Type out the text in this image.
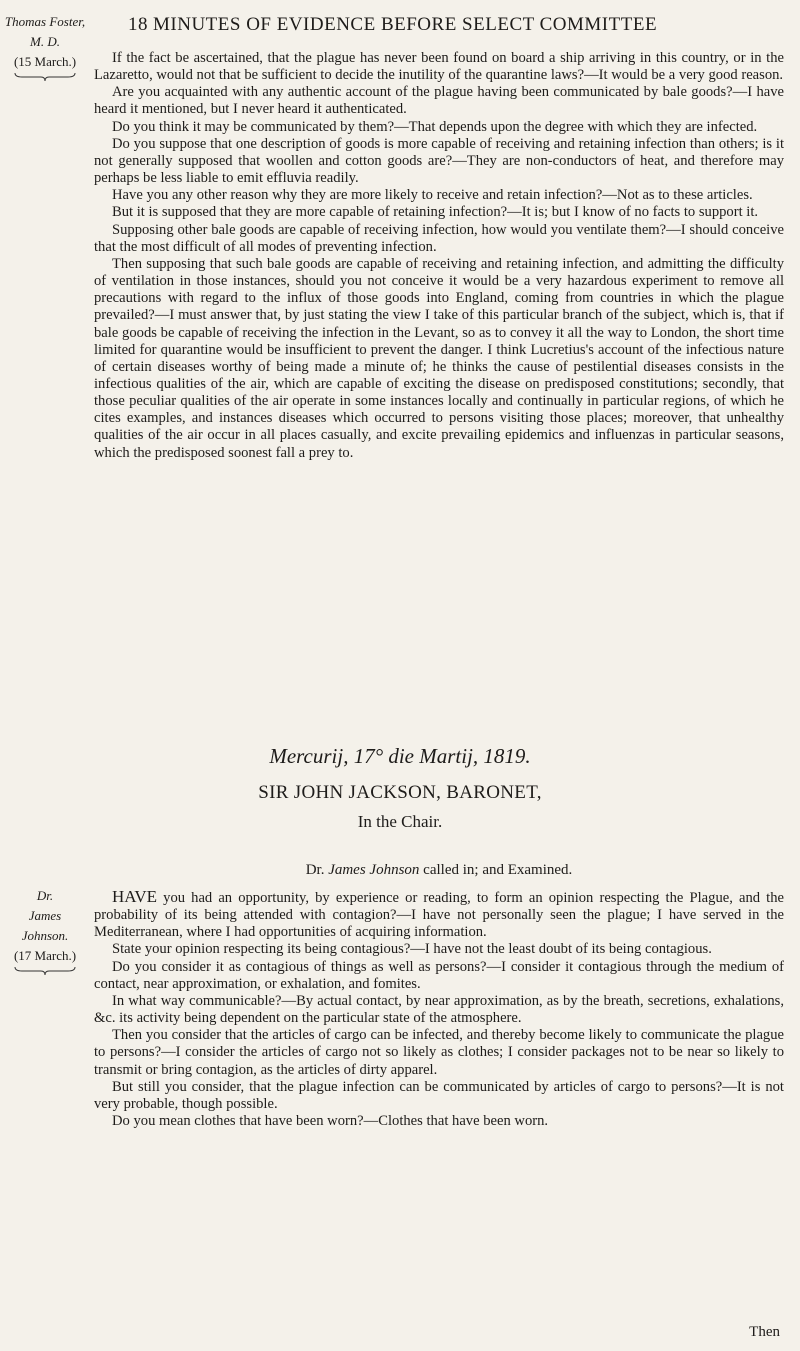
18 MINUTES OF EVIDENCE BEFORE SELECT COMMITTEE
Thomas Foster,
M. D.
(15 March.)	If the fact be ascertained, that the plague has never been found on board a ship arriving in this country, or in the Lazaretto, would not that be sufficient to decide the inutility of the quarantine laws?—It would be a very good reason.

Are you acquainted with any authentic account of the plague having been communicated by bale goods?—I have heard it mentioned, but I never heard it authenticated.

Do you think it may be communicated by them?—That depends upon the degree with which they are infected.

Do you suppose that one description of goods is more capable of receiving and retaining infection than others; is it not generally supposed that woollen and cotton goods are?—They are non-conductors of heat, and therefore may perhaps be less liable to emit effluvia readily.

Have you any other reason why they are more likely to receive and retain infection?—Not as to these articles.

But it is supposed that they are more capable of retaining infection?—It is; but I know of no facts to support it.

Supposing other bale goods are capable of receiving infection, how would you ventilate them?—I should conceive that the most difficult of all modes of preventing infection.

Then supposing that such bale goods are capable of receiving and retaining infection, and admitting the difficulty of ventilation in those instances, should you not conceive it would be a very hazardous experiment to remove all precautions with regard to the influx of those goods into England, coming from countries in which the plague prevailed?—I must answer that, by just stating the view I take of this particular branch of the subject, which is, that if bale goods be capable of receiving the infection in the Levant, so as to convey it all the way to London, the short time limited for quarantine would be insufficient to prevent the danger. I think Lucretius's account of the infectious nature of certain diseases worthy of being made a minute of; he thinks the cause of pestilential diseases consists in the infectious qualities of the air, which are capable of exciting the disease on predisposed constitutions; secondly, that those peculiar qualities of the air operate in some instances locally and continually in particular regions, of which he cites examples, and instances diseases which occurred to persons visiting those places; moreover, that unhealthy qualities of the air occur in all places casually, and excite prevailing epidemics and influenzas in particular seasons, which the predisposed soonest fall a prey to.

Mercurij, 17° die Martij, 1819.
SIR JOHN JACKSON, BARONET,
In the Chair.
Dr. James Johnson called in; and Examined.
Dr.
James Johnson.
(17 March.)

HAVE you had an opportunity, by experience or reading, to form an opinion respecting the Plague, and the probability of its being attended with contagion?—I have not personally seen the plague; I have served in the Mediterranean, where I had opportunities of acquiring information.

State your opinion respecting its being contagious?—I have not the least doubt of its being contagious.

Do you consider it as contagious of things as well as persons?—I consider it contagious through the medium of contact, near approximation, or exhalation, and fomites.

In what way communicable?—By actual contact, by near approximation, as by the breath, secretions, exhalations, &c. its activity being dependent on the particular state of the atmosphere.

Then you consider that the articles of cargo can be infected, and thereby become likely to communicate the plague to persons?—I consider the articles of cargo not so likely as clothes; I consider packages not to be near so likely to transmit or bring contagion, as the articles of dirty apparel.

But still you consider, that the plague infection can be communicated by articles of cargo to persons?—It is not very probable, though possible.

Do you mean clothes that have been worn?—Clothes that have been worn.

Then
